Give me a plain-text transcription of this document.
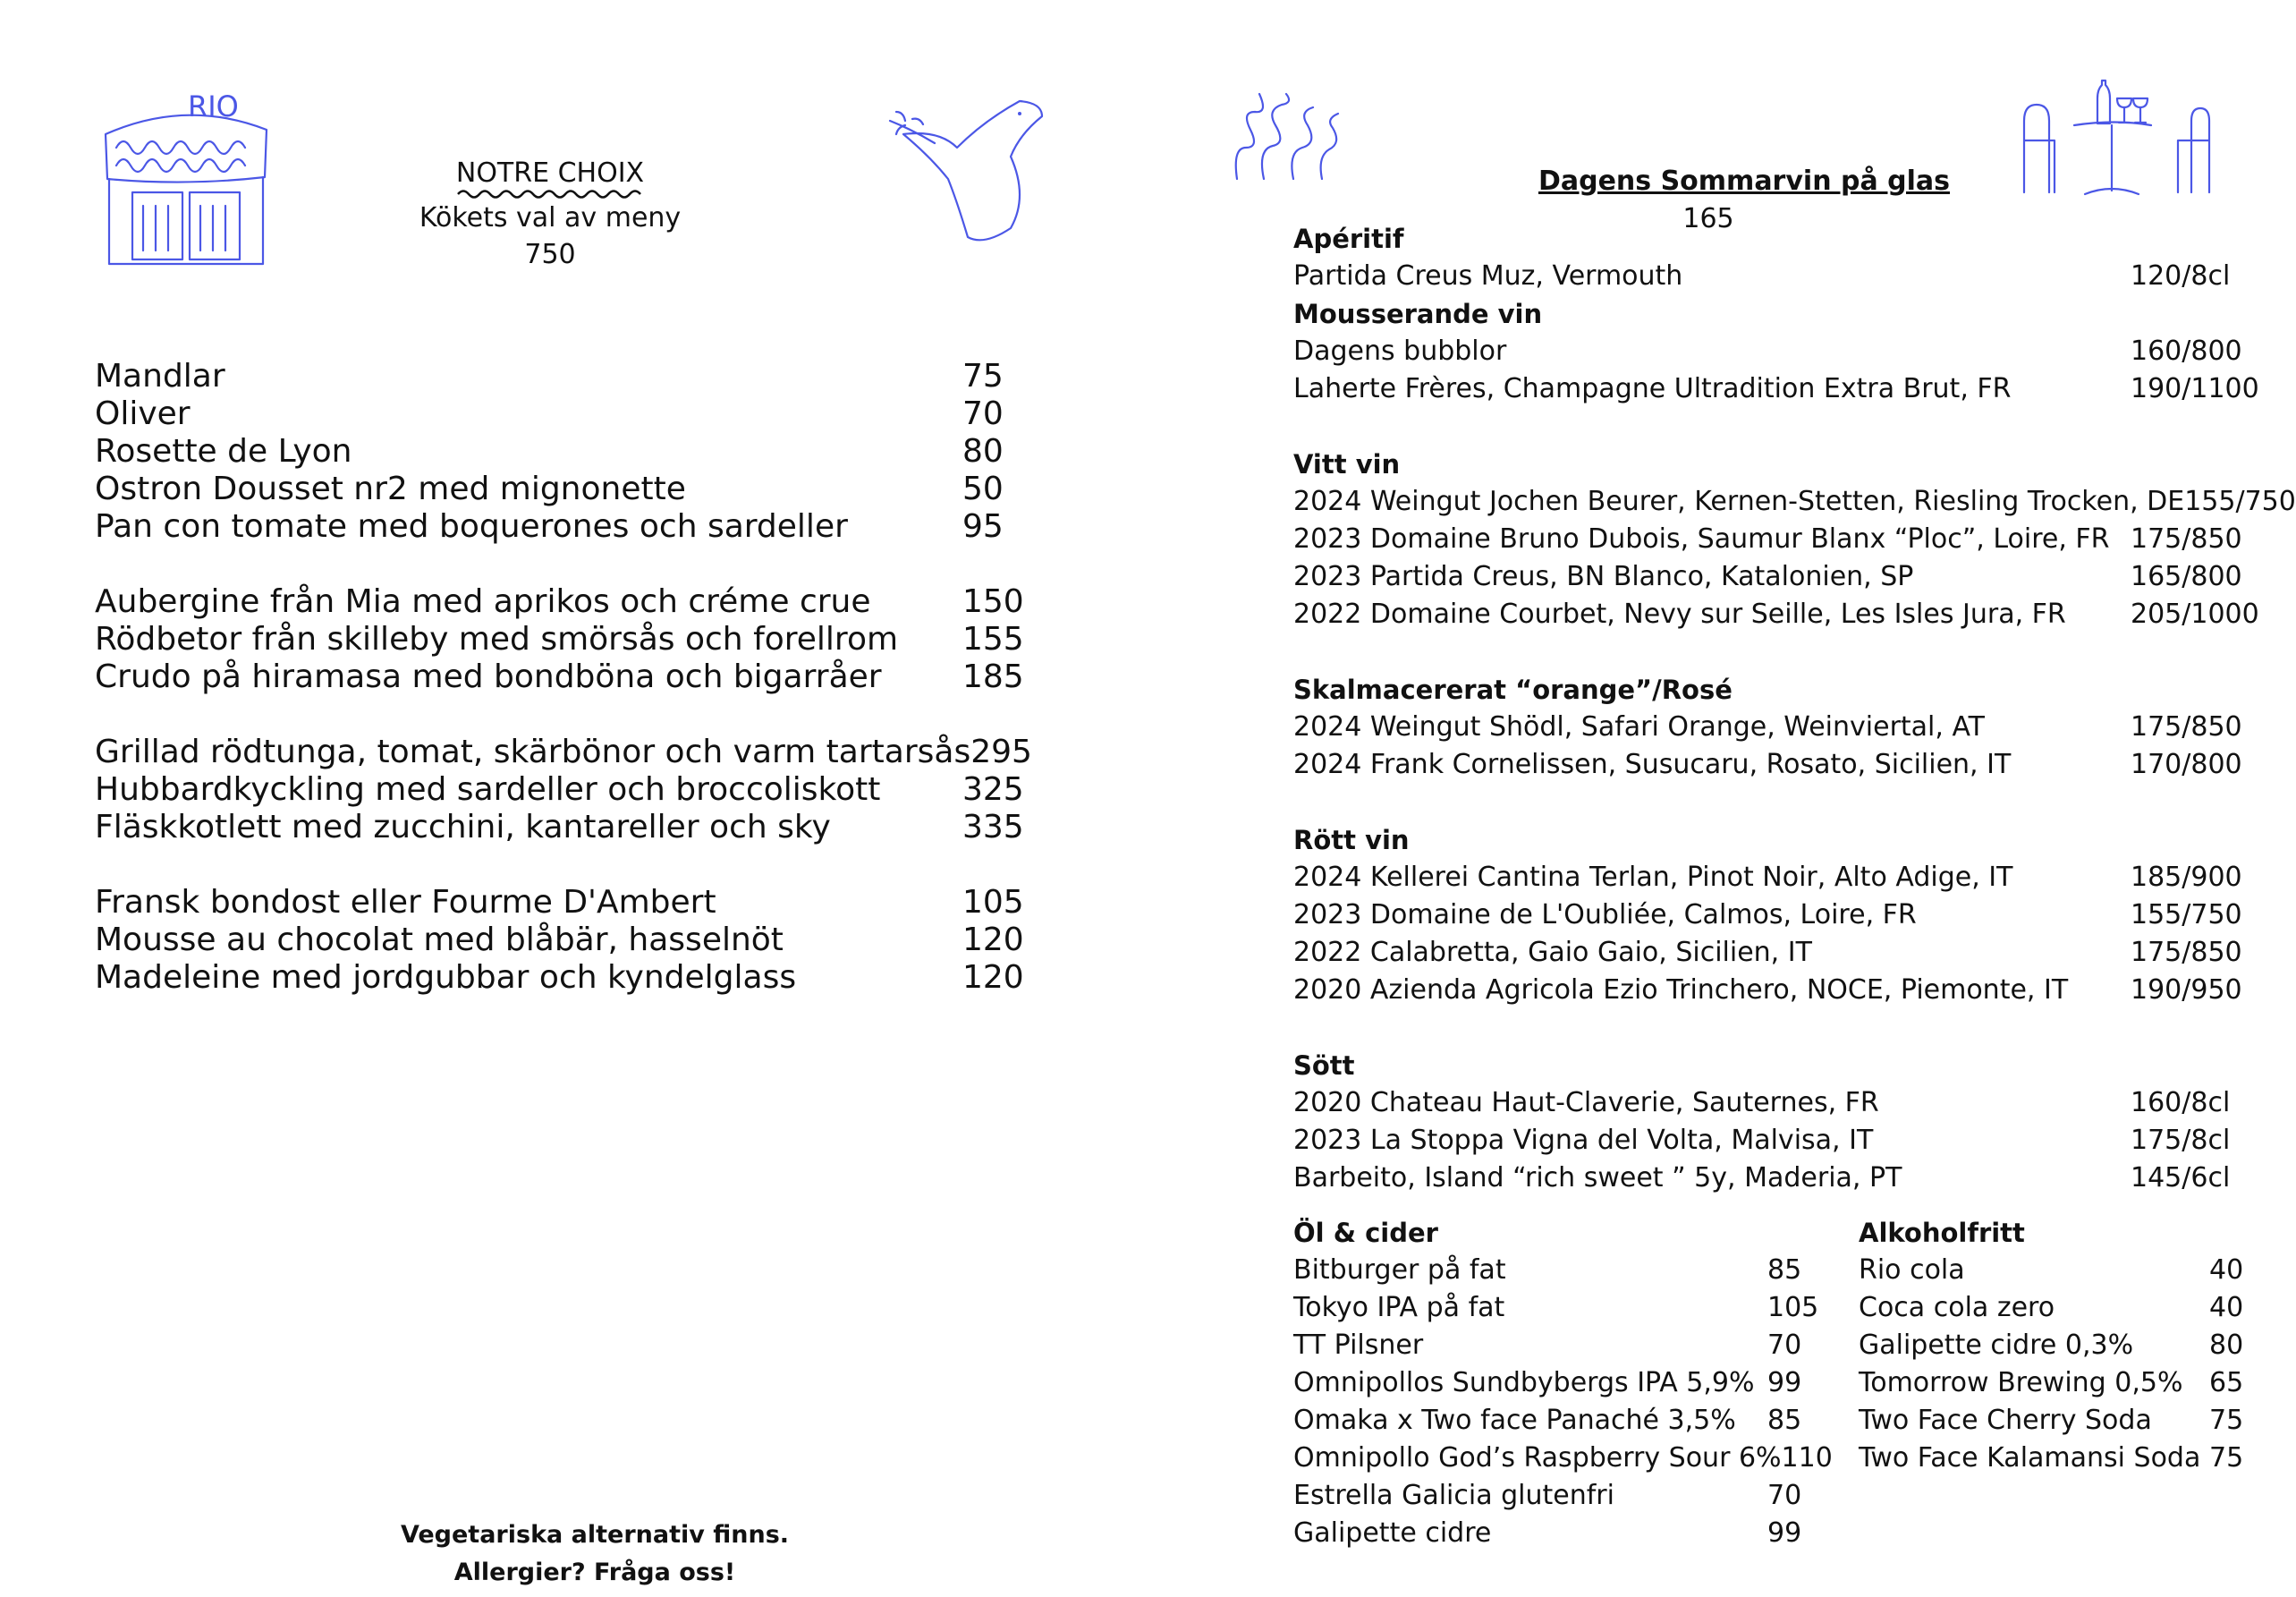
RIO
NOTRE CHOIX
Kökets val av meny
750
Mandlar	75
Oliver	70
Rosette de Lyon	80
Ostron Dousset nr2 med mignonette	50
Pan con tomate med boquerones och sardeller	95
Aubergine från Mia med aprikos och créme crue	150
Rödbetor från skilleby med smörsås och forellrom 155
Crudo på hiramasa med bondböna och bigarråer	185
Grillad rödtunga, tomat, skärbönor och varm tartarsås 295
Hubbardkyckling med sardeller och broccoliskott	325
Fläskkotlett med zucchini, kantareller och sky	335
Fransk bondost eller Fourme D'Ambert	105
Mousse au chocolat med blåbär, hasselnöt	120
Madeleine med jordgubbar och kyndelglass	120
Vegetariska alternativ finns.
Allergier? Fråga oss!
Dagens Sommarvin på glas
165
Apéritif
Partida Creus Muz, Vermouth	120/8cl
Mousserande vin
Dagens bubblor	160/800
Laherte Frères, Champagne Ultradition Extra Brut, FR	190/1100
Vitt vin
2024 Weingut Jochen Beurer, Kernen-Stetten, Riesling Trocken, DE 155/750
2023 Domaine Bruno Dubois, Saumur Blanx “Ploc”, Loire, FR 175/850
2023 Partida Creus, BN Blanco, Katalonien, SP	165/800
2022 Domaine Courbet, Nevy sur Seille, Les Isles Jura, FR 205/1000
Skalmacererat “orange”/Rosé
2024 Weingut Shödl, Safari Orange, Weinviertal, AT	175/850
2024 Frank Cornelissen, Susucaru, Rosato, Sicilien, IT	170/800
Rött vin
2024 Kellerei Cantina Terlan, Pinot Noir, Alto Adige, IT	185/900
2023 Domaine de L'Oubliée, Calmos, Loire, FR	155/750
2022 Calabretta, Gaio Gaio, Sicilien, IT	175/850
2020 Azienda Agricola Ezio Trinchero, NOCE, Piemonte, IT 190/950
Sött
2020 Chateau Haut-Claverie, Sauternes, FR	160/8cl
2023 La Stoppa Vigna del Volta, Malvisa, IT	175/8cl
Barbeito, Island “rich sweet ” 5y, Maderia, PT	145/6cl
Öl & cider
Bitburger på fat	85
Tokyo IPA på fat	105
TT Pilsner	70
Omnipollos Sundbybergs IPA 5,9% 99
Omaka x Two face Panaché 3,5% 85
Omnipollo God’s Raspberry Sour 6% 110
Estrella Galicia glutenfri	70
Galipette cidre	99
Alkoholfritt
Rio cola	40
Coca cola zero	40
Galipette cidre 0,3%	80
Tomorrow Brewing 0,5% 65
Two Face Cherry Soda 75
Two Face Kalamansi Soda 75
